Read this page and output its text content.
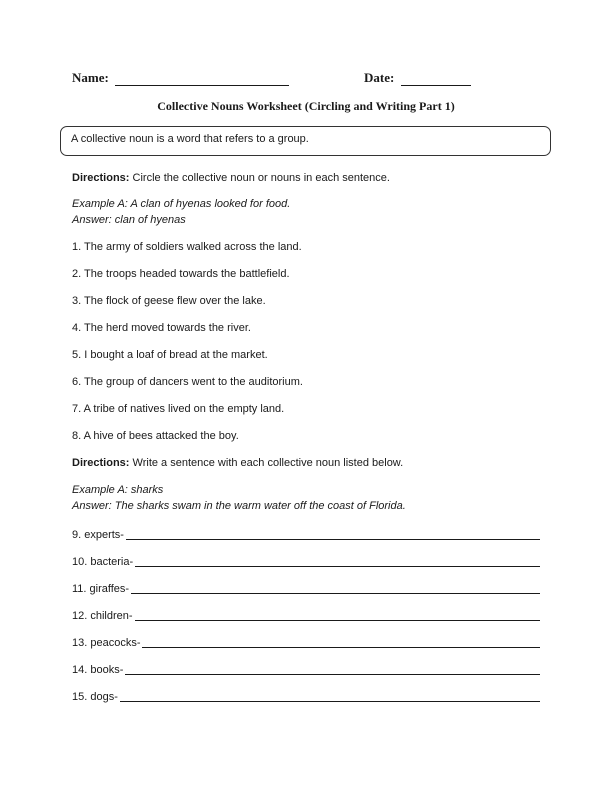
Name:	Date:
Collective Nouns Worksheet (Circling and Writing Part 1)
A collective noun is a word that refers to a group.
Directions: Circle the collective noun or nouns in each sentence.
Example A: A clan of hyenas looked for food.
Answer: clan of hyenas
1. The army of soldiers walked across the land.
2. The troops headed towards the battlefield.
3. The flock of geese flew over the lake.
4. The herd moved towards the river.
5. I bought a loaf of bread at the market.
6. The group of dancers went to the auditorium.
7. A tribe of natives lived on the empty land.
8. A hive of bees attacked the boy.
Directions: Write a sentence with each collective noun listed below.
Example A: sharks
Answer: The sharks swam in the warm water off the coast of Florida.
9. experts-
10. bacteria-
11. giraffes-
12. children-
13. peacocks-
14. books-
15. dogs-
